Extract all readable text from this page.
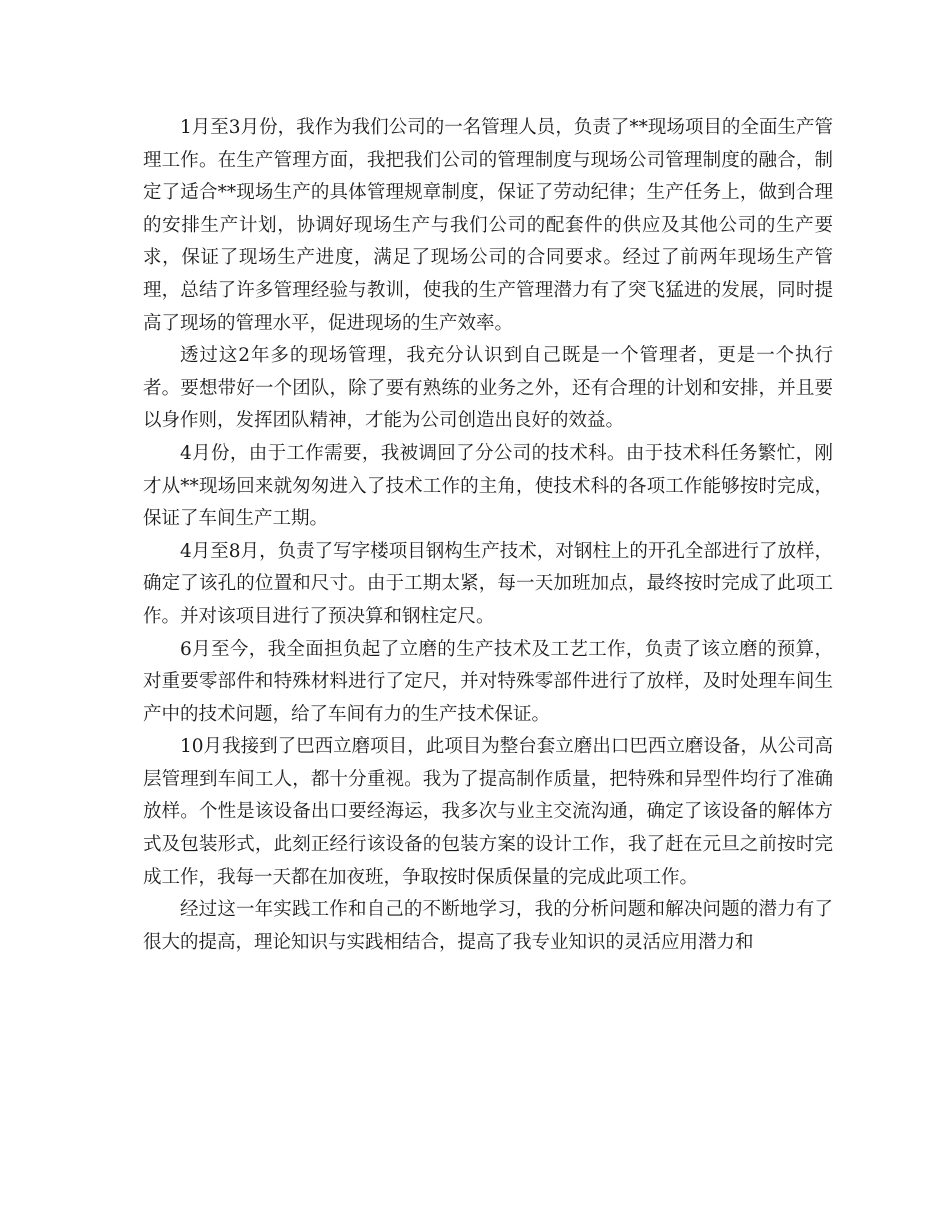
1月至3月份，我作为我们公司的一名管理人员，负责了**现场项目的全面生产管理工作。在生产管理方面，我把我们公司的管理制度与现场公司管理制度的融合，制定了适合**现场生产的具体管理规章制度，保证了劳动纪律；生产任务上，做到合理的安排生产计划，协调好现场生产与我们公司的配套件的供应及其他公司的生产要求，保证了现场生产进度，满足了现场公司的合同要求。经过了前两年现场生产管理，总结了许多管理经验与教训，使我的生产管理潜力有了突飞猛进的发展，同时提高了现场的管理水平，促进现场的生产效率。

透过这2年多的现场管理，我充分认识到自己既是一个管理者，更是一个执行者。要想带好一个团队，除了要有熟练的业务之外，还有合理的计划和安排，并且要以身作则，发挥团队精神，才能为公司创造出良好的效益。

4月份，由于工作需要，我被调回了分公司的技术科。由于技术科任务繁忙，刚才从**现场回来就匆匆进入了技术工作的主角，使技术科的各项工作能够按时完成，保证了车间生产工期。

4月至8月，负责了写字楼项目钢构生产技术，对钢柱上的开孔全部进行了放样，确定了该孔的位置和尺寸。由于工期太紧，每一天加班加点，最终按时完成了此项工作。并对该项目进行了预决算和钢柱定尺。

6月至今，我全面担负起了立磨的生产技术及工艺工作，负责了该立磨的预算，对重要零部件和特殊材料进行了定尺，并对特殊零部件进行了放样，及时处理车间生产中的技术问题，给了车间有力的生产技术保证。

10月我接到了巴西立磨项目，此项目为整台套立磨出口巴西立磨设备，从公司高层管理到车间工人，都十分重视。我为了提高制作质量，把特殊和异型件均行了准确放样。个性是该设备出口要经海运，我多次与业主交流沟通，确定了该设备的解体方式及包装形式，此刻正经行该设备的包装方案的设计工作，我了赶在元旦之前按时完成工作，我每一天都在加夜班，争取按时保质保量的完成此项工作。

经过这一年实践工作和自己的不断地学习，我的分析问题和解决问题的潜力有了很大的提高，理论知识与实践相结合，提高了我专业知识的灵活应用潜力和
